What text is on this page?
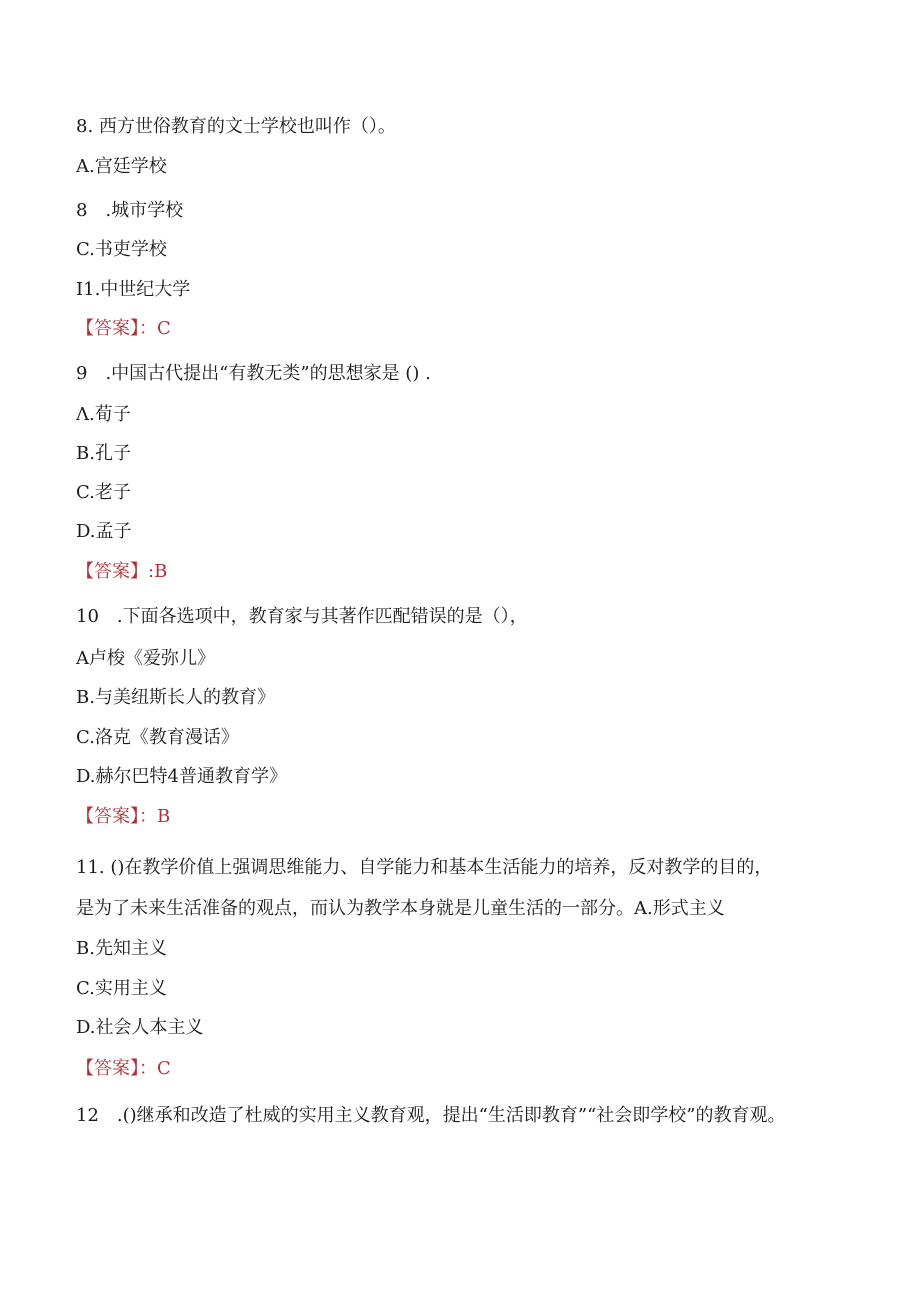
8. 西方世俗教育的文士学校也叫作（）。
A.宫廷学校
8　.城市学校
C.书吏学校
I1.中世纪大学
【答案】：C
9　.中国古代提出“有教无类”的思想家是 () .
Λ.荀子
B.孔子
C.老子
D.孟子
【答案】:B
10　.下面各选项中，教育家与其著作匹配错误的是（），
A卢梭《爱弥儿》
B.与美纽斯长人的教育》
C.洛克《教育漫话》
D.赫尔巴特4普通教育学》
【答案】：B
11. ()在教学价值上强调思维能力、自学能力和基本生活能力的培养，反对教学的目的，
是为了未来生活准备的观点，而认为教学本身就是儿童生活的一部分。A.形式主义
B.先知主义
C.实用主义
D.社会人本主义
【答案】：C
12　.()继承和改造了杜威的实用主义教育观，提出“生活即教育”“社会即学校”的教育观。
